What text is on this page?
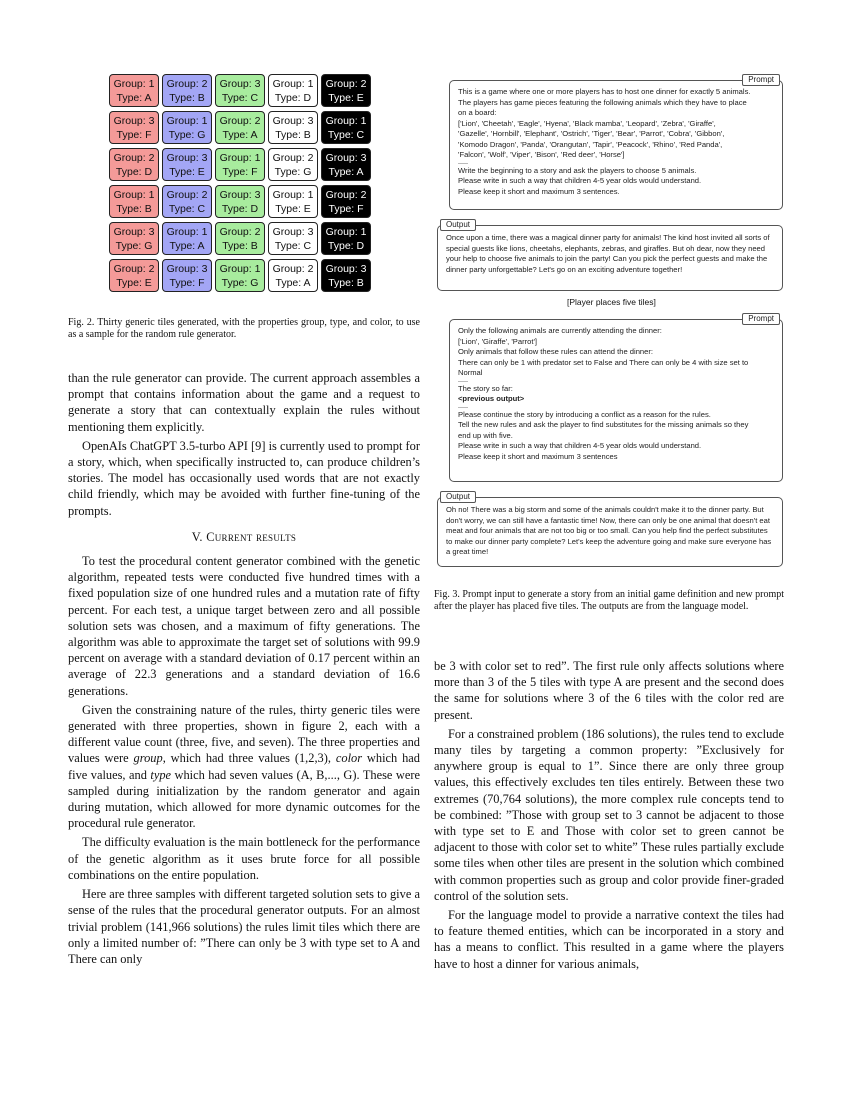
Group: 1
Type: A
Group: 2
Type: B
Group: 3
Type: C
Group: 1
Type: D
Group: 2
Type: E
Group: 3
Type: F
Group: 1
Type: G
Group: 2
Type: A
Group: 3
Type: B
Group: 1
Type: C
Group: 2
Type: D
Group: 3
Type: E
Group: 1
Type: F
Group: 2
Type: G
Group: 3
Type: A
Group: 1
Type: B
Group: 2
Type: C
Group: 3
Type: D
Group: 1
Type: E
Group: 2
Type: F
Group: 3
Type: G
Group: 1
Type: A
Group: 2
Type: B
Group: 3
Type: C
Group: 1
Type: D
Group: 2
Type: E
Group: 3
Type: F
Group: 1
Type: G
Group: 2
Type: A
Group: 3
Type: B
Fig. 2. Thirty generic tiles generated, with the properties group, type, and color, to use as a sample for the random rule generator.

than the rule generator can provide. The current approach assembles a prompt that contains information about the game and a request to generate a story that can contextually explain the rules without mentioning them explicitly.

OpenAIs ChatGPT 3.5-turbo API [9] is currently used to prompt for a story, which, when specifically instructed to, can produce children’s stories. The model has occasionally used words that are not exactly child friendly, which may be avoided with further fine-tuning of the prompts.

V. Current results

To test the procedural content generator combined with the genetic algorithm, repeated tests were conducted five hundred times with a fixed population size of one hundred rules and a mutation rate of fifty percent. For each test, a unique target between zero and all possible solution sets was chosen, and a maximum of fifty generations. The algorithm was able to approximate the target set of solutions with 99.9 percent on average with a standard deviation of 0.17 percent within an average of 22.3 generations and a standard deviation of 16.6 generations.

Given the constraining nature of the rules, thirty generic tiles were generated with three properties, shown in figure 2, each with a different value count (three, five, and seven). The three properties and values were group, which had three values (1,2,3), color which had five values, and type which had seven values (A, B,..., G). These were sampled during initialization by the random generator and again during mutation, which allowed for more dynamic outcomes for the procedural rule generator.

The difficulty evaluation is the main bottleneck for the performance of the genetic algorithm as it uses brute force for all possible combinations on the entire population.

Here are three samples with different targeted solution sets to give a sense of the rules that the procedural generator outputs. For an almost trivial problem (141,966 solutions) the rules limit tiles which there are only a limited number of: ”There can only be 3 with type set to A and There can only

Prompt
This is a game where one or more players has to host one dinner for exactly 5 animals.
The players has game pieces featuring the following animals which they have to place
on a board:
['Lion', 'Cheetah', 'Eagle', 'Hyena', 'Black mamba', 'Leopard', 'Zebra', 'Giraffe',
'Gazelle', 'Hornbill', 'Elephant', 'Ostrich', 'Tiger', 'Bear', 'Parrot', 'Cobra', 'Gibbon',
'Komodo Dragon', 'Panda', 'Orangutan', 'Tapir', 'Peacock', 'Rhino', 'Red Panda',
'Falcon', 'Wolf', 'Viper', 'Bison', 'Red deer', 'Horse']
Write the beginning to a story and ask the players to choose 5 animals.
Please write in such a way that children 4-5 year olds would understand.
Please keep it short and maximum 3 sentences.
Output
Once upon a time, there was a magical dinner party for animals! The kind host invited all sorts of special guests like lions, cheetahs, elephants, zebras, and giraffes. But oh dear, now they need your help to choose five animals to join the party! Can you pick the perfect guests and make the dinner party unforgettable? Let's go on an exciting adventure together!
[Player places five tiles]
Prompt
Only the following animals are currently attending the dinner:
['Lion', 'Giraffe', 'Parrot']
Only animals that follow these rules can attend the dinner:
There can only be 1 with predator set to False and There can only be 4 with size set to
Normal
The story so far:
<previous output>
Please continue the story by introducing a conflict as a reason for the rules.
Tell the new rules and ask the player to find substitutes for the missing animals so they
end up with five.
Please write in such a way that children 4-5 year olds would understand.
Please keep it short and maximum 3 sentences
Output
Oh no! There was a big storm and some of the animals couldn't make it to the dinner party. But don't worry, we can still have a fantastic time! Now, there can only be one animal that doesn't eat meat and four animals that are not too big or too small. Can you help find the perfect substitutes to make our dinner party complete? Let's keep the adventure going and make sure everyone has a great time!
Fig. 3. Prompt input to generate a story from an initial game definition and new prompt after the player has placed five tiles. The outputs are from the language model.

be 3 with color set to red”. The first rule only affects solutions where more than 3 of the 5 tiles with type A are present and the second does the same for solutions where 3 of the 6 tiles with the color red are present.

For a constrained problem (186 solutions), the rules tend to exclude many tiles by targeting a common property: ”Exclusively for anywhere group is equal to 1”. Since there are only three group values, this effectively excludes ten tiles entirely. Between these two extremes (70,764 solutions), the more complex rule concepts tend to be combined: ”Those with group set to 3 cannot be adjacent to those with type set to E and Those with color set to green cannot be adjacent to those with color set to white” These rules partially exclude some tiles when other tiles are present in the solution which combined with common properties such as group and color provide finer-graded control of the solution sets.

For the language model to provide a narrative context the tiles had to feature themed entities, which can be incorporated in a story and has a means to conflict. This resulted in a game where the players have to host a dinner for various animals,
